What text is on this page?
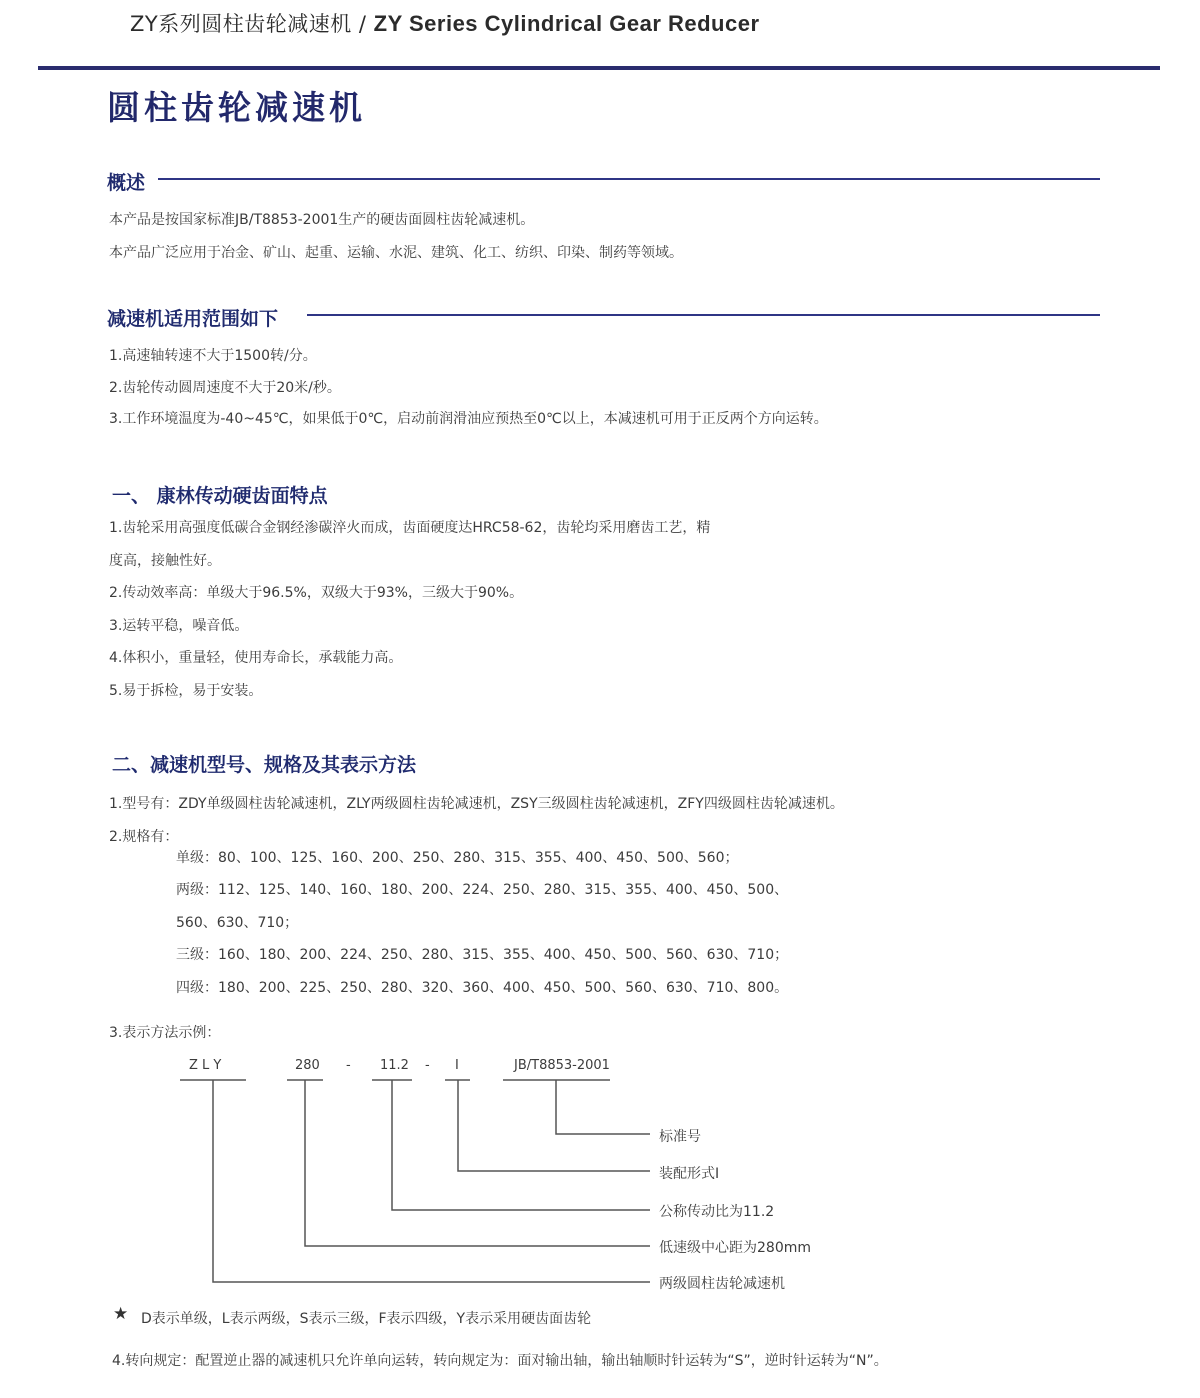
ZY系列圆柱齿轮减速机 / ZY Series Cylindrical Gear Reducer
圆柱齿轮减速机
概述
本产品是按国家标准JB/T8853-2001生产的硬齿面圆柱齿轮减速机。
本产品广泛应用于冶金、矿山、起重、运输、水泥、建筑、化工、纺织、印染、制药等领域。
减速机适用范围如下
1.高速轴转速不大于1500转/分。
2.齿轮传动圆周速度不大于20米/秒。
3.工作环境温度为-40~45℃，如果低于0℃，启动前润滑油应预热至0℃以上，本减速机可用于正反两个方向运转。
一、 康林传动硬齿面特点
1.齿轮采用高强度低碳合金钢经渗碳淬火而成，齿面硬度达HRC58-62，齿轮均采用磨齿工艺，精
度高，接触性好。
2.传动效率高：单级大于96.5%，双级大于93%，三级大于90%。
3.运转平稳，噪音低。
4.体积小，重量轻，使用寿命长，承载能力高。
5.易于拆检，易于安装。
二、减速机型号、规格及其表示方法
1.型号有：ZDY单级圆柱齿轮减速机，ZLY两级圆柱齿轮减速机，ZSY三级圆柱齿轮减速机，ZFY四级圆柱齿轮减速机。
2.规格有：
单级：80、100、125、160、200、250、280、315、355、400、450、500、560；
两级：112、125、140、160、180、200、224、250、280、315、355、400、450、500、
560、630、710；
三级：160、180、200、224、250、280、315、355、400、450、500、560、630、710；
四级：180、200、225、250、280、320、360、400、450、500、560、630、710、800。
3.表示方法示例：
Z L Y	280 - 11.2 - I	JB/T8853-2001
标准号
装配形式I
公称传动比为11.2
低速级中心距为280mm
两级圆柱齿轮减速机
★ D表示单级，L表示两级，S表示三级，F表示四级，Y表示采用硬齿面齿轮
4.转向规定：配置逆止器的减速机只允许单向运转，转向规定为：面对输出轴，输出轴顺时针运转为“S”，逆时针运转为“N”。
